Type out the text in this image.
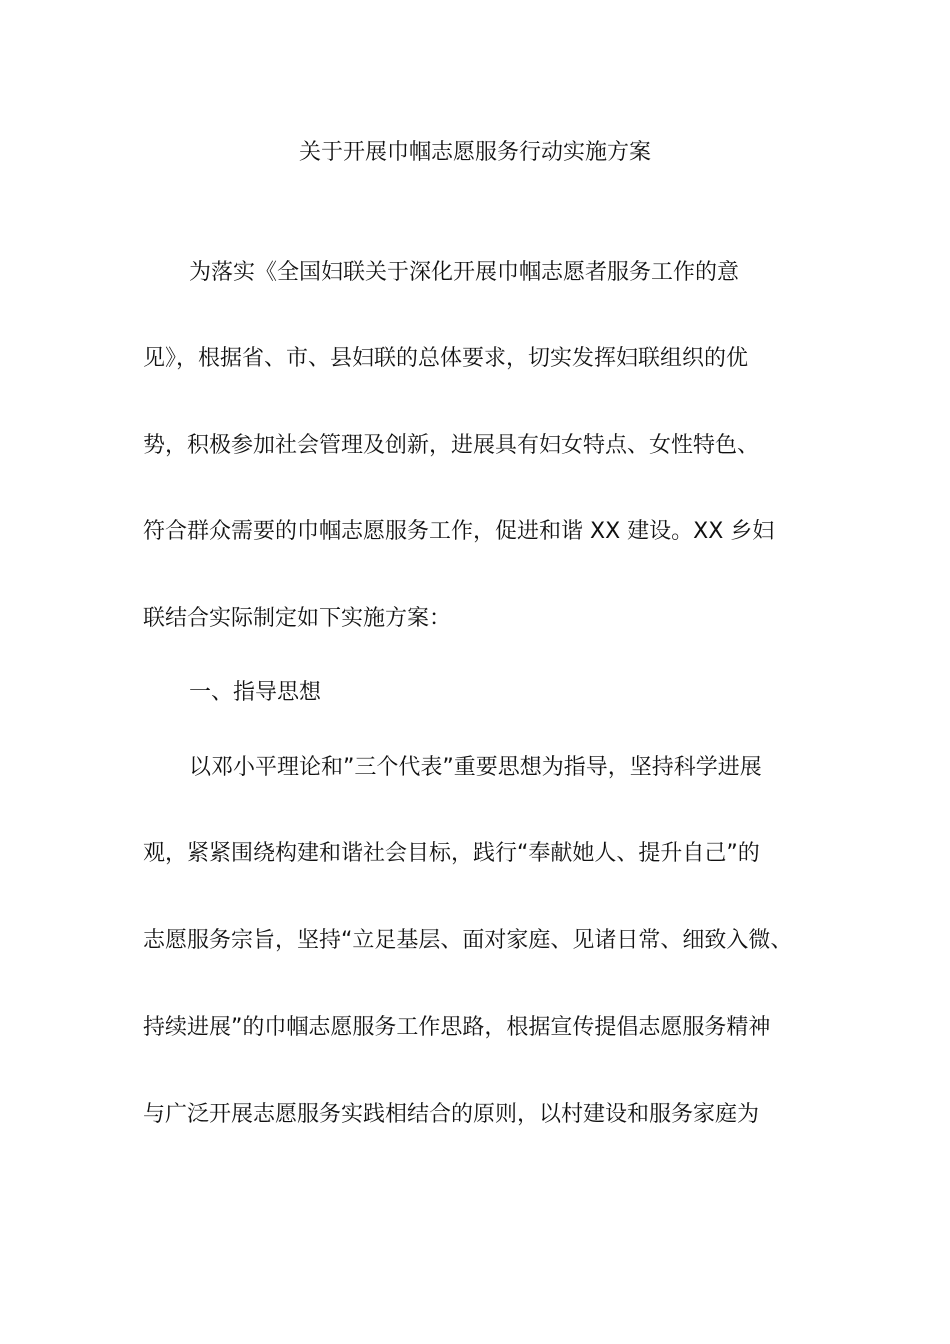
关于开展巾帼志愿服务行动实施方案

为落实《全国妇联关于深化开展巾帼志愿者服务工作的意

见》，根据省、市、县妇联的总体要求，切实发挥妇联组织的优

势，积极参加社会管理及创新，进展具有妇女特点、女性特色、

符合群众需要的巾帼志愿服务工作，促进和谐 XX 建设。XX 乡妇

联结合实际制定如下实施方案：

一、指导思想

以邓小平理论和”三个代表”重要思想为指导，坚持科学进展

观，紧紧围绕构建和谐社会目标，践行“奉献她人、提升自己”的

志愿服务宗旨，坚持“立足基层、面对家庭、见诸日常、细致入微、

持续进展”的巾帼志愿服务工作思路，根据宣传提倡志愿服务精神

与广泛开展志愿服务实践相结合的原则，以村建设和服务家庭为
